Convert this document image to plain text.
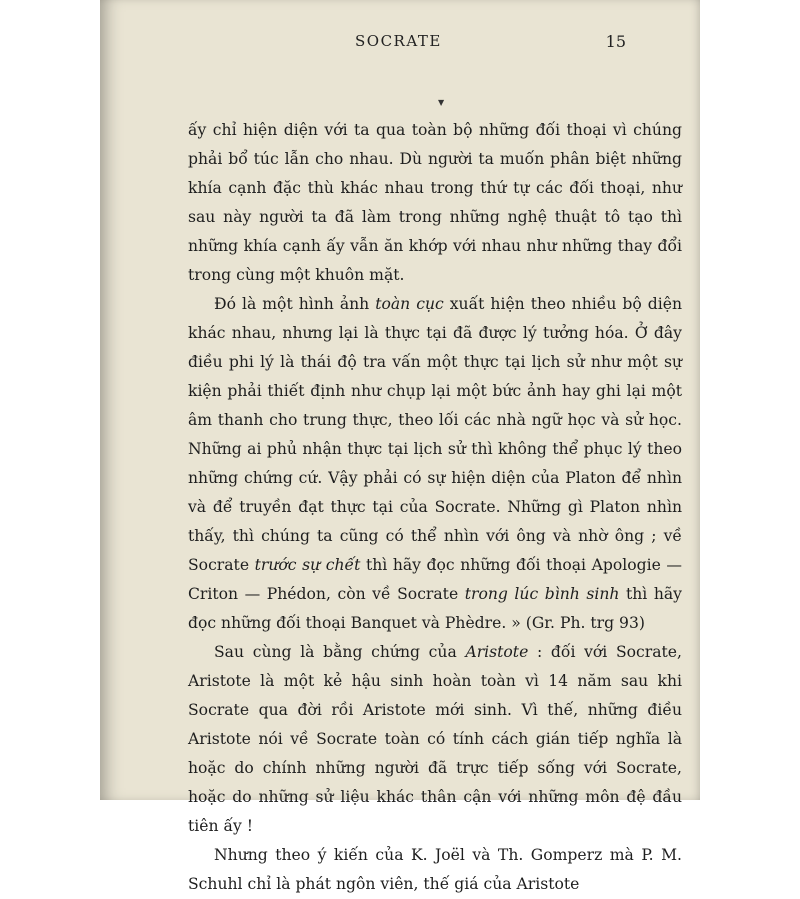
SOCRATE	15
▼

ấy chỉ hiện diện với ta qua toàn bộ những đối thoại vì chúng phải bổ túc lẫn cho nhau. Dù người ta muốn phân biệt những khía cạnh đặc thù khác nhau trong thứ tự các đối thoại, như sau này người ta đã làm trong những nghệ thuật tô tạo thì những khía cạnh ấy vẫn ăn khớp với nhau như những thay đổi trong cùng một khuôn mặt.

Đó là một hình ảnh toàn cục xuất hiện theo nhiều bộ diện khác nhau, nhưng lại là thực tại đã được lý tưởng hóa. Ở đây điều phi lý là thái độ tra vấn một thực tại lịch sử như một sự kiện phải thiết định như chụp lại một bức ảnh hay ghi lại một âm thanh cho trung thực, theo lối các nhà ngữ học và sử học. Những ai phủ nhận thực tại lịch sử thì không thể phục lý theo những chứng cứ. Vậy phải có sự hiện diện của Platon để nhìn và để truyền đạt thực tại của Socrate. Những gì Platon nhìn thấy, thì chúng ta cũng có thể nhìn với ông và nhờ ông ; về Socrate trước sự chết thì hãy đọc những đối thoại Apologie — Criton — Phédon, còn về Socrate trong lúc bình sinh thì hãy đọc những đối thoại Banquet và Phèdre. » (Gr. Ph. trg 93)

Sau cùng là bằng chứng của Aristote : đối với Socrate, Aristote là một kẻ hậu sinh hoàn toàn vì 14 năm sau khi Socrate qua đời rồi Aristote mới sinh. Vì thế, những điều Aristote nói về Socrate toàn có tính cách gián tiếp nghĩa là hoặc do chính những người đã trực tiếp sống với Socrate, hoặc do những sử liệu khác thân cận với những môn đệ đầu tiên ấy !

Nhưng theo ý kiến của K. Joël và Th. Gomperz mà P. M. Schuhl chỉ là phát ngôn viên, thế giá của Aristote
